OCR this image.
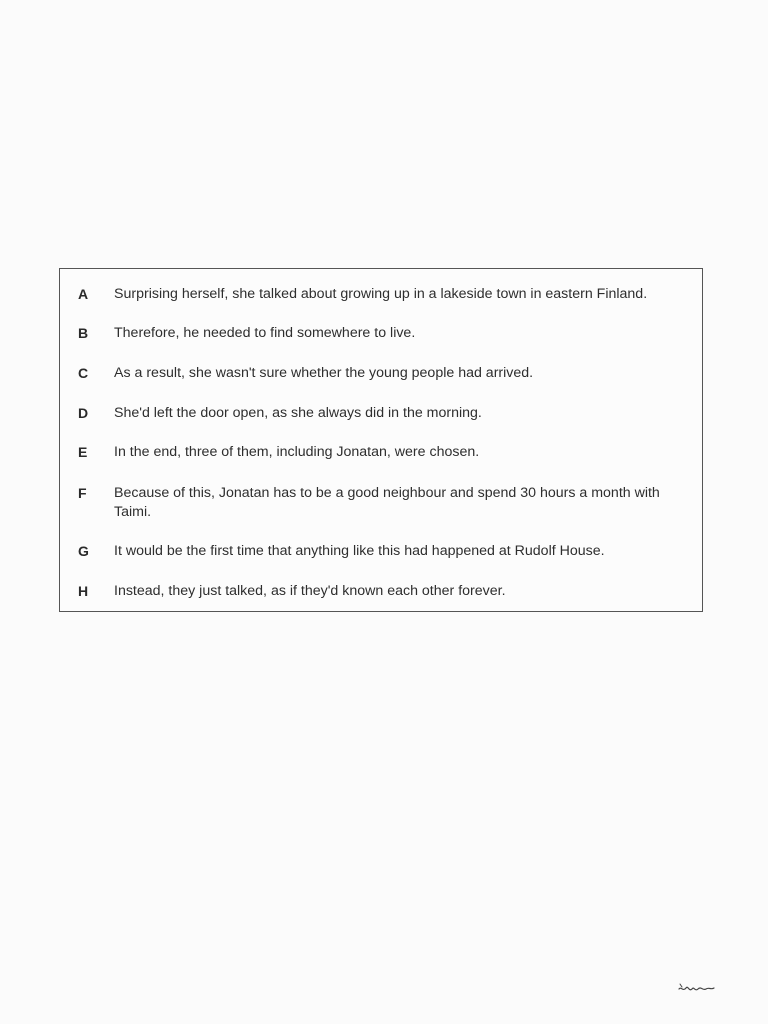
A Surprising herself, she talked about growing up in a lakeside town in eastern Finland.
B Therefore, he needed to find somewhere to live.
C As a result, she wasn't sure whether the young people had arrived.
D She'd left the door open, as she always did in the morning.
E In the end, three of them, including Jonatan, were chosen.
F Because of this, Jonatan has to be a good neighbour and spend 30 hours a month with Taimi.
G It would be the first time that anything like this had happened at Rudolf House.
H Instead, they just talked, as if they'd known each other forever.
